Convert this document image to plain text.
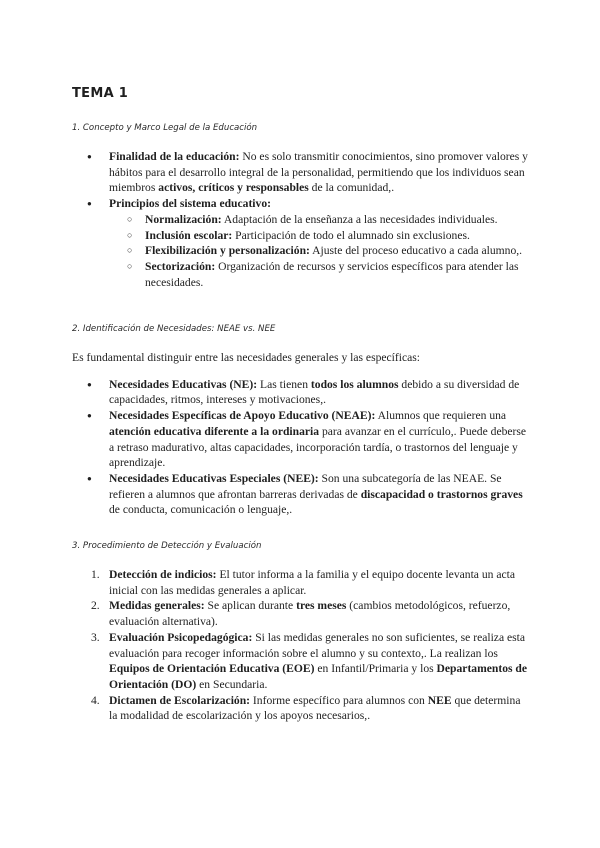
TEMA 1
1. Concepto y Marco Legal de la Educación
● Finalidad de la educación: No es solo transmitir conocimientos, sino promover valores y hábitos para el desarrollo integral de la personalidad, permitiendo que los individuos sean miembros activos, críticos y responsables de la comunidad,.
● Principios del sistema educativo:
○ Normalización: Adaptación de la enseñanza a las necesidades individuales.
○ Inclusión escolar: Participación de todo el alumnado sin exclusiones.
○ Flexibilización y personalización: Ajuste del proceso educativo a cada alumno,.
○ Sectorización: Organización de recursos y servicios específicos para atender las necesidades.
2. Identificación de Necesidades: NEAE vs. NEE

Es fundamental distinguir entre las necesidades generales y las específicas:

● Necesidades Educativas (NE): Las tienen todos los alumnos debido a su diversidad de capacidades, ritmos, intereses y motivaciones,.
● Necesidades Específicas de Apoyo Educativo (NEAE): Alumnos que requieren una atención educativa diferente a la ordinaria para avanzar en el currículo,. Puede deberse a retraso madurativo, altas capacidades, incorporación tardía, o trastornos del lenguaje y aprendizaje.
● Necesidades Educativas Especiales (NEE): Son una subcategoría de las NEAE. Se refieren a alumnos que afrontan barreras derivadas de discapacidad o trastornos graves de conducta, comunicación o lenguaje,.
3. Procedimiento de Detección y Evaluación
1. Detección de indicios: El tutor informa a la familia y el equipo docente levanta un acta inicial con las medidas generales a aplicar.
2. Medidas generales: Se aplican durante tres meses (cambios metodológicos, refuerzo, evaluación alternativa).
3. Evaluación Psicopedagógica: Si las medidas generales no son suficientes, se realiza esta evaluación para recoger información sobre el alumno y su contexto,. La realizan los Equipos de Orientación Educativa (EOE) en Infantil/Primaria y los Departamentos de Orientación (DO) en Secundaria.
4. Dictamen de Escolarización: Informe específico para alumnos con NEE que determina la modalidad de escolarización y los apoyos necesarios,.
